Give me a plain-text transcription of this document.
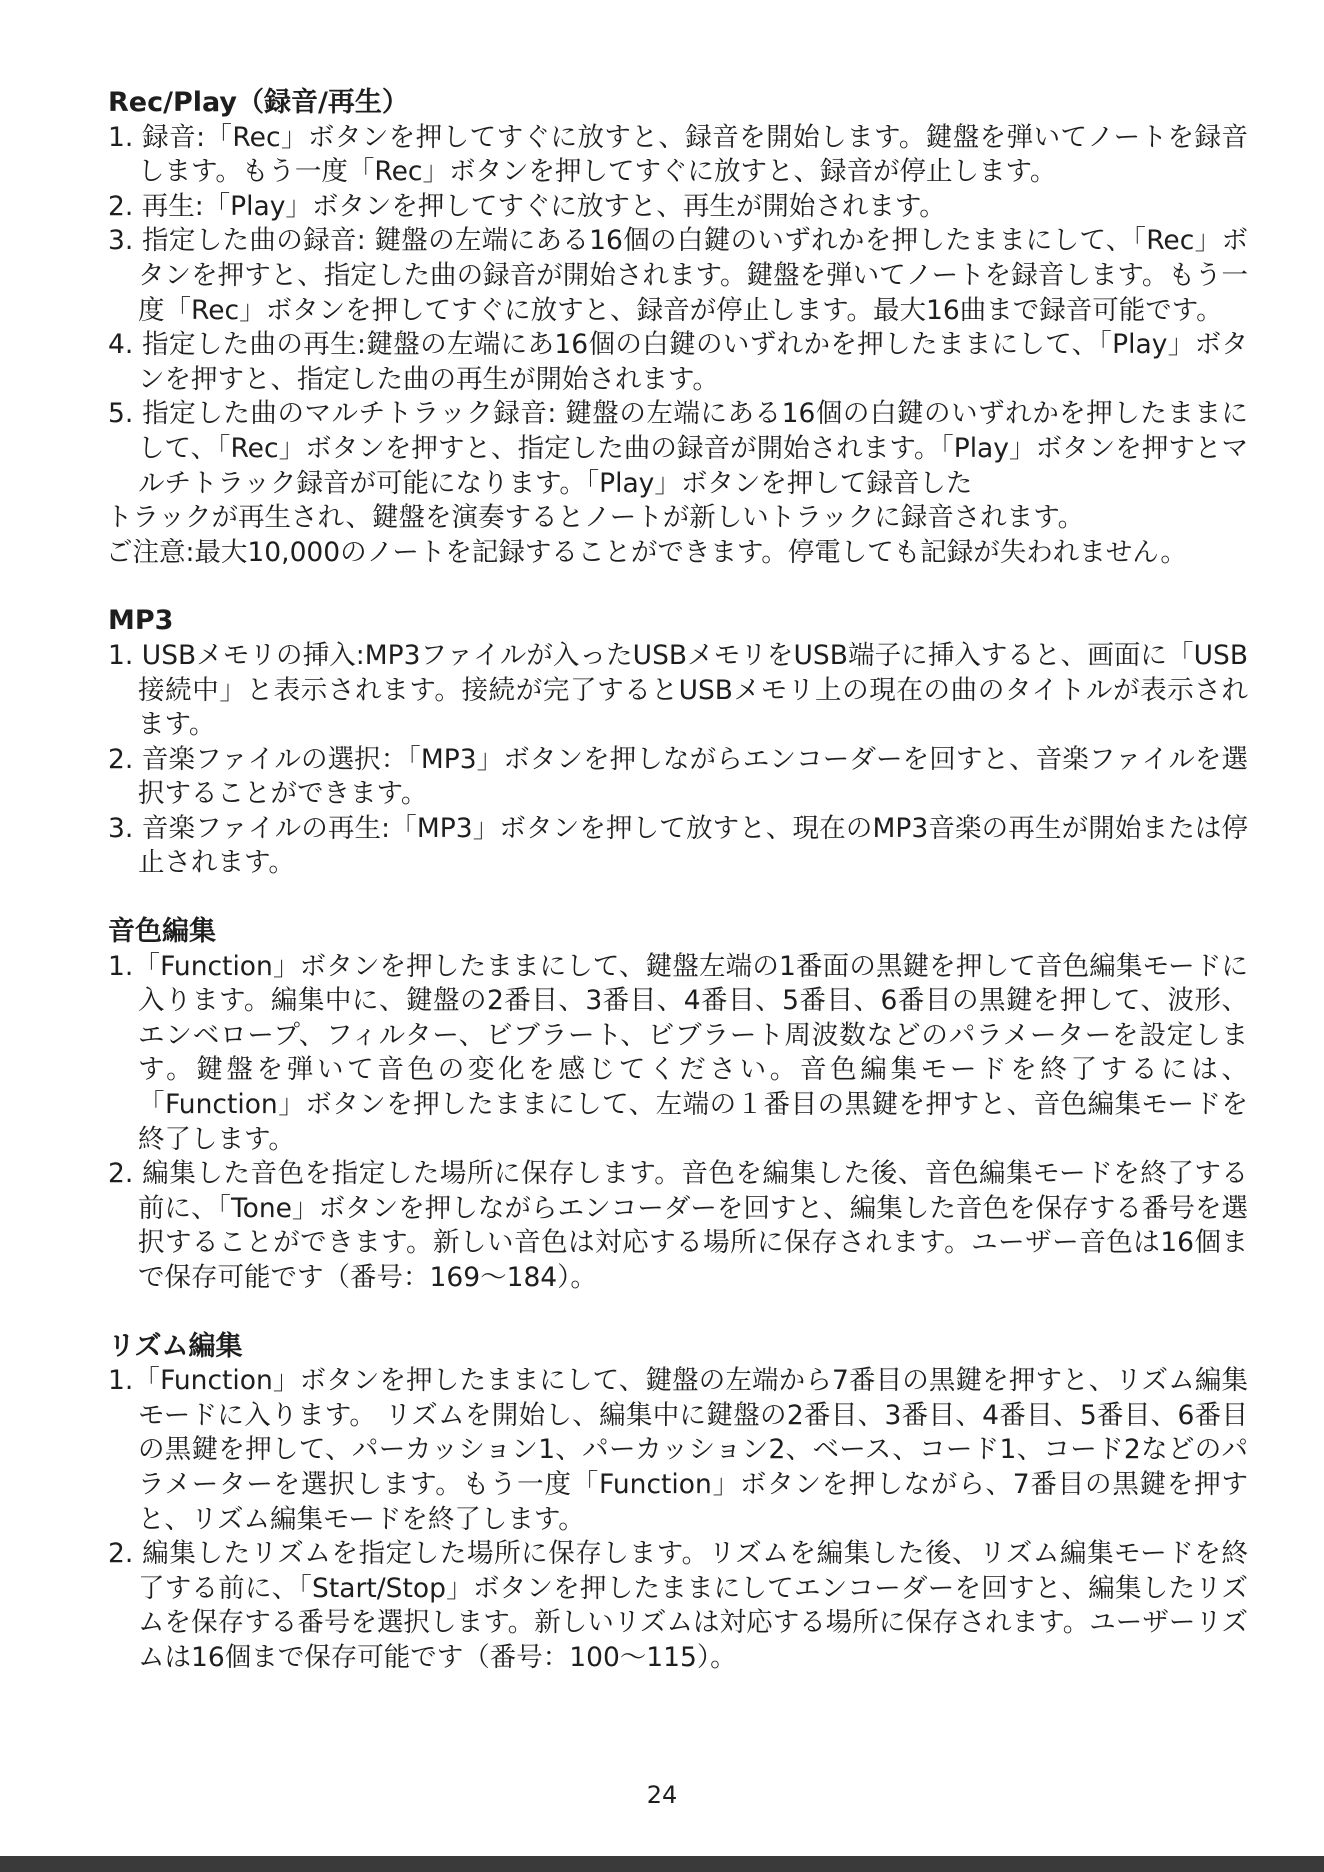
Rec/Play（録音/再生）

1. 録音:「Rec」ボタンを押してすぐに放すと、録音を開始します。鍵盤を弾いてノートを録音します。もう一度「Rec」ボタンを押してすぐに放すと、録音が停止します。

2. 再生:「Play」ボタンを押してすぐに放すと、再生が開始されます。

3. 指定した曲の録音: 鍵盤の左端にある16個の白鍵のいずれかを押したままにして、「Rec」ボタンを押すと、指定した曲の録音が開始されます。鍵盤を弾いてノートを録音します。もう一度「Rec」ボタンを押してすぐに放すと、録音が停止します。最大16曲まで録音可能です。

4. 指定した曲の再生:鍵盤の左端にあ16個の白鍵のいずれかを押したままにして、「Play」ボタンを押すと、指定した曲の再生が開始されます。

5. 指定した曲のマルチトラック録音: 鍵盤の左端にある16個の白鍵のいずれかを押したままにして、「Rec」ボタンを押すと、指定した曲の録音が開始されます。「Play」ボタンを押すとマルチトラック録音が可能になります。「Play」ボタンを押して録音した

トラックが再生され、鍵盤を演奏するとノートが新しいトラックに録音されます。

ご注意:最大10,000のノートを記録することができます。停電しても記録が失われません。

MP3

1. USBメモリの挿入:MP3ファイルが入ったUSBメモリをUSB端子に挿入すると、画面に「USB接続中」と表示されます。接続が完了するとUSBメモリ上の現在の曲のタイトルが表示されます。

2. 音楽ファイルの選択：「MP3」ボタンを押しながらエンコーダーを回すと、音楽ファイルを選択することができます。

3. 音楽ファイルの再生:「MP3」ボタンを押して放すと、現在のMP3音楽の再生が開始または停止されます。

音色編集

1.「Function」ボタンを押したままにして、鍵盤左端の1番面の黒鍵を押して音色編集モードに入ります。編集中に、鍵盤の2番目、3番目、4番目、5番目、6番目の黒鍵を押して、波形、エンベロープ、フィルター、ビブラート、ビブラート周波数などのパラメーターを設定します。鍵盤を弾いて音色の変化を感じてください。音色編集モードを終了するには、「Function」ボタンを押したままにして、左端の１番目の黒鍵を押すと、音色編集モードを終了します。

2. 編集した音色を指定した場所に保存します。音色を編集した後、音色編集モードを終了する前に、「Tone」ボタンを押しながらエンコーダーを回すと、編集した音色を保存する番号を選択することができます。新しい音色は対応する場所に保存されます。ユーザー音色は16個まで保存可能です（番号：169～184）。

リズム編集

1.「Function」ボタンを押したままにして、鍵盤の左端から7番目の黒鍵を押すと、リズム編集モードに入ります。 リズムを開始し、編集中に鍵盤の2番目、3番目、4番目、5番目、6番目の黒鍵を押して、パーカッション1、パーカッション2、ベース、コード1、コード2などのパラメーターを選択します。もう一度「Function」ボタンを押しながら、7番目の黒鍵を押すと、リズム編集モードを終了します。

2. 編集したリズムを指定した場所に保存します。リズムを編集した後、リズム編集モードを終了する前に、「Start/Stop」ボタンを押したままにしてエンコーダーを回すと、編集したリズムを保存する番号を選択します。新しいリズムは対応する場所に保存されます。ユーザーリズムは16個まで保存可能です（番号：100～115）。

24
